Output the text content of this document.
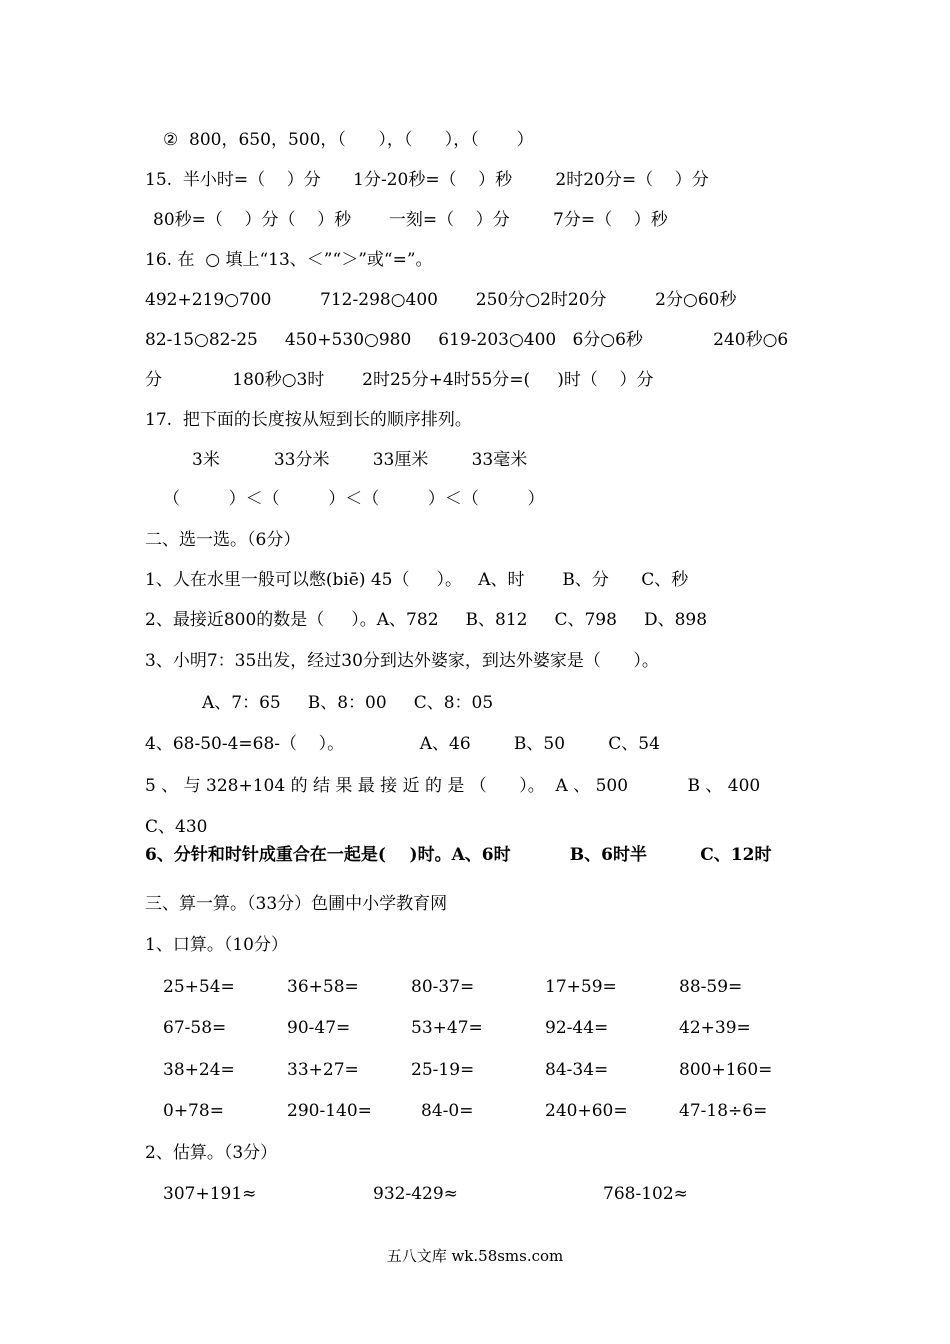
②  800，650，500，（      ），（      ），（       ）
15.  半小时=（    ）分      1分-20秒=（    ）秒        2时20分=（    ）分
80秒=（    ）分（    ）秒       一刻=（    ）分        7分=（    ）秒
16. 在  ○ 填上“13、＜”“＞”或“=”。
492+219○700         712-298○400       250分○2时20分         2分○60秒
82-15○82-25     450+530○980     619-203○400   6分○6秒             240秒○6
分             180秒○3时       2时25分+4时55分=(     )时（    ）分
17.  把下面的长度按从短到长的顺序排列。
3米          33分米        33厘米        33毫米
（         ）＜（         ）＜（         ）＜（         ）
二、选一选。（6分）
1、人在水里一般可以憋(biē) 45（     ）。   A、时       B、分      C、秒
2、最接近800的数是（     ）。A、782     B、812     C、798     D、898
3、小明7：35出发，经过30分到达外婆家，到达外婆家是（      ）。
A、7：65     B、8：00     C、8：05
4、68-50-4=68-（    ）。              A、46        B、50        C、54
5 、 与 328+104 的 结 果 最 接 近 的 是 （      ）。  A 、 500           B 、 400
C、430
6、分针和时针成重合在一起是(    )时。A、6时          B、6时半         C、12时
三、算一算。（33分）色圃中小学教育网
1、口算。（10分）
25+54=	36+58=	80-37=	17+59=	88-59=
67-58=	90-47=	53+47=	92-44=	42+39=
38+24=	33+27=	25-19=	84-34=	800+160=
0+78=	290-140=	84-0=	240+60=	47-18÷6=
2、估算。（3分）
307+191≈	932-429≈	768-102≈
五八文库 wk.58sms.com
